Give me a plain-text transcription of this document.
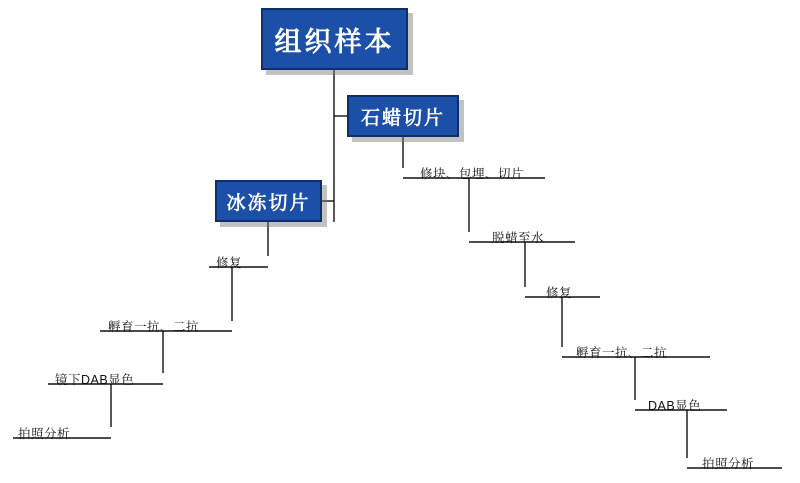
组织样本
石蜡切片
冰冻切片
修块、包埋、切片
脱蜡至水
修复
孵育一抗、二抗
DAB显色
拍照分析
修复
孵育一抗、二抗
镜下DAB显色
拍照分析
